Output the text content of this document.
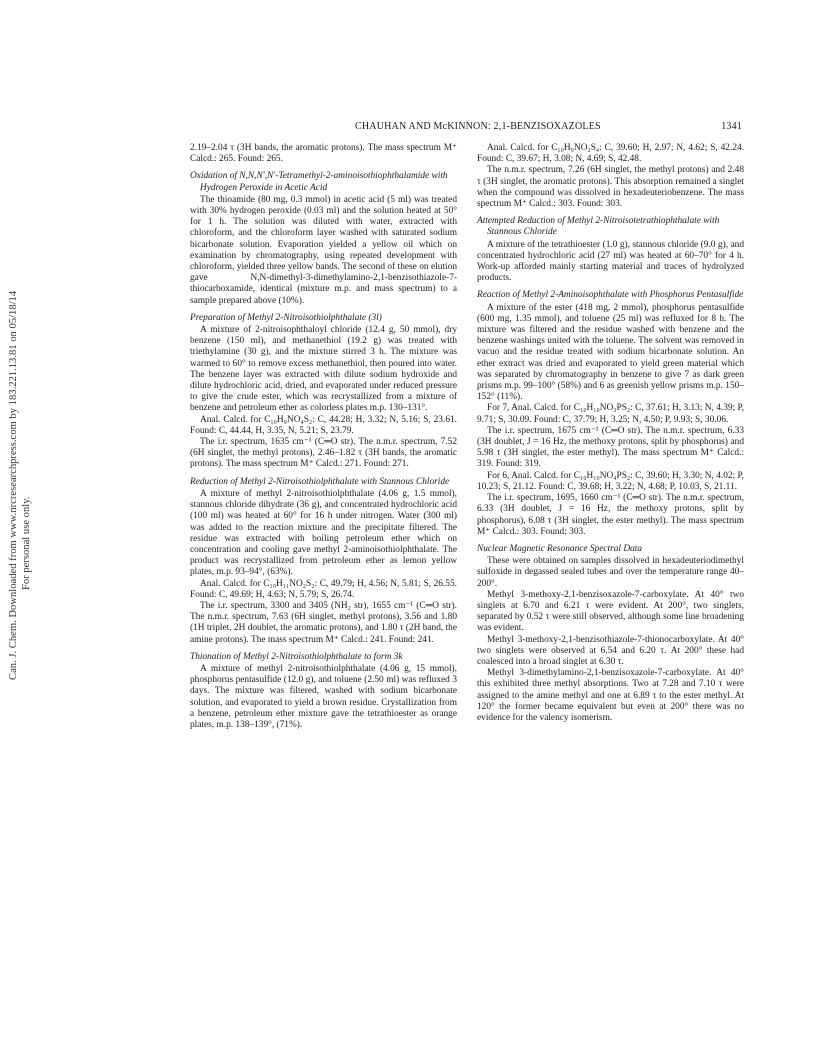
Can. J. Chem. Downloaded from www.nrcresearchpress.com by 183.221.13.81 on 05/18/14 For personal use only.
CHAUHAN AND McKINNON: 2,1-BENZISOXAZOLES	1341

2.19–2.04 τ (3H bands, the aromatic protons). The mass spectrum M⁺ Calcd.: 265. Found: 265.

Oxidation of N,N,N′,N′-Tetramethyl-2-aminoisothiophthalamide with Hydrogen Peroxide in Acetic Acid

The thioamide (80 mg, 0.3 mmol) in acetic acid (5 ml) was treated with 30% hydrogen peroxide (0.03 ml) and the solution heated at 50° for 1 h. The solution was diluted with water, extracted with chloroform, and the chloroform layer washed with saturated sodium bicarbonate solution. Evaporation yielded a yellow oil which on examination by chromatography, using repeated development with chloroform, yielded three yellow bands. The second of these on elution gave N,N-dimethyl-3-dimethylamino-2,1-benzisothiazole-7-thiocarboxamide, identical (mixture m.p. and mass spectrum) to a sample prepared above (10%).

Preparation of Methyl 2-Nitroisothiolphthalate (3l)

A mixture of 2-nitroisophthaloyl chloride (12.4 g, 50 mmol), dry benzene (150 ml), and methanethiol (19.2 g) was treated with triethylamine (30 g), and the mixture stirred 3 h. The mixture was warmed to 60° to remove excess methanethiol, then poured into water. The benzene layer was extracted with dilute sodium hydroxide and dilute hydrochloric acid, dried, and evaporated under reduced pressure to give the crude ester, which was recrystallized from a mixture of benzene and petroleum ether as colorless plates m.p. 130–131°.

Anal. Calcd. for C₁₀H₉NO₄S₂: C, 44.28; H, 3.32; N, 5.16; S, 23.61. Found: C, 44.44, H, 3.35, N, 5.21; S, 23.79.

The i.r. spectrum, 1635 cm⁻¹ (C═O str). The n.m.r. spectrum, 7.52 (6H singlet, the methyl protons), 2.46–1.82 τ (3H bands, the aromatic protons). The mass spectrum M⁺ Calcd.: 271. Found: 271.

Reduction of Methyl 2-Nitroisothiolphthalate with Stannous Chloride

A mixture of methyl 2-nitroisothiolphthalate (4.06 g, 1.5 mmol), stannous chloride dihydrate (36 g), and concentrated hydrochloric acid (100 ml) was heated at 60° for 16 h under nitrogen. Water (300 ml) was added to the reaction mixture and the precipitate filtered. The residue was extracted with boiling petroleum ether which on concentration and cooling gave methyl 2-aminoisothiolphthalate. The product was recrystallized from petroleum ether as lemon yellow plates, m.p. 93–94°, (63%).

Anal. Calcd. for C₁₀H₁₁NO₂S₂: C, 49.79; H, 4.56; N, 5.81; S, 26.55. Found: C, 49.69; H, 4.63; N, 5.79; S, 26.74.

The i.r. spectrum, 3300 and 3405 (NH₂ str), 1655 cm⁻¹ (C═O str). The n.m.r. spectrum, 7.63 (6H singlet, methyl protons), 3.56 and 1.80 (1H triplet, 2H doublet, the aromatic protons), and 1.80 τ (2H band, the amine protons). The mass spectrum M⁺ Calcd.: 241. Found: 241.

Thionation of Methyl 2-Nitroisothiolphthalate to form 3k

A mixture of methyl 2-nitroisothiolphthalate (4.06 g, 15 mmol), phosphorus pentasulfide (12.0 g), and toluene (2.50 ml) was refluxed 3 days. The mixture was filtered, washed with sodium bicarbonate solution, and evaporated to yield a brown residue. Crystallization from a benzene, petroleum ether mixture gave the tetrathioester as orange plates, m.p. 138–139°, (71%).

Anal. Calcd. for C₁₀H₉NO₂S₄: C, 39.60; H, 2.97; N, 4.62; S, 42.24. Found: C, 39.67; H, 3.08; N, 4.69; S, 42.48.

The n.m.r. spectrum, 7.26 (6H singlet, the methyl protons) and 2.48 τ (3H singlet, the aromatic protons). This absorption remained a singlet when the compound was dissolved in hexadeuteriobenzene. The mass spectrum M⁺ Calcd.: 303. Found: 303.

Attempted Reduction of Methyl 2-Nitroisotetrathiophthalate with Stannous Chloride

A mixture of the tetrathioester (1.0 g), stannous chloride (9.0 g), and concentrated hydrochloric acid (27 ml) was heated at 60–70° for 4 h. Work-up afforded mainly starting material and traces of hydrolyzed products.

Reaction of Methyl 2-Aminoisophthalate with Phosphorus Pentasulfide

A mixture of the ester (418 mg, 2 mmol), phosphorus pentasulfide (600 mg, 1.35 mmol), and toluene (25 ml) was refluxed for 8 h. The mixture was filtered and the residue washed with benzene and the benzene washings united with the toluene. The solvent was removed in vacuo and the residue treated with sodium bicarbonate solution. An ether extract was dried and evaporated to yield green material which was separated by chromatography in benzene to give 7 as dark green prisms m.p. 99–100° (58%) and 6 as greenish yellow prisms m.p. 150–152° (11%).

For 7, Anal. Calcd. for C₁₀H₁₀NO₃PS₂: C, 37.61; H, 3.13; N, 4.39; P, 9.71; S, 30.09. Found: C, 37.79; H, 3.25; N, 4.50; P, 9.93; S, 30.06.

The i.r. spectrum, 1675 cm⁻¹ (C═O str). The n.m.r. spectrum, 6.33 (3H doublet, J = 16 Hz, the methoxy protons, split by phosphorus) and 5.98 τ (3H singlet, the ester methyl). The mass spectrum M⁺ Calcd.: 319. Found: 319.

For 6, Anal. Calcd. for C₁₀H₁₀NO₄PS₂: C, 39.60; H, 3.30; N, 4.02; P, 10.23; S, 21.12. Found: C, 39.68; H, 3.22; N, 4.68; P, 10.03, S, 21.11.

The i.r. spectrum, 1695, 1660 cm⁻¹ (C═O str). The n.m.r. spectrum, 6.33 (3H doublet, J = 16 Hz, the methoxy protons, split by phosphorus), 6.08 τ (3H singlet, the ester methyl). The mass spectrum M⁺ Calcd.: 303. Found: 303.

Nuclear Magnetic Resonance Spectral Data

These were obtained on samples dissolved in hexadeuteriodimethyl sulfoxide in degassed sealed tubes and over the temperature range 40–200°.

Methyl 3-methoxy-2,1-benzisoxazole-7-carboxylate. At 40° two singlets at 6.70 and 6.21 τ were evident. At 200°, two singlets, separated by 0.52 τ were still observed, although some line broadening was evident.

Methyl 3-methoxy-2,1-benzisothiazole-7-thionocarboxylate. At 40° two singlets were observed at 6.54 and 6.20 τ. At 200° these had coalesced into a broad singlet at 6.30 τ.

Methyl 3-dimethylamino-2,1-benzisoxazole-7-carboxylate. At 40° this exhibited three methyl absorptions. Two at 7.28 and 7.10 τ were assigned to the amine methyl and one at 6.89 τ to the ester methyl. At 120° the former became equivalent but even at 200° there was no evidence for the valency isomerism.
